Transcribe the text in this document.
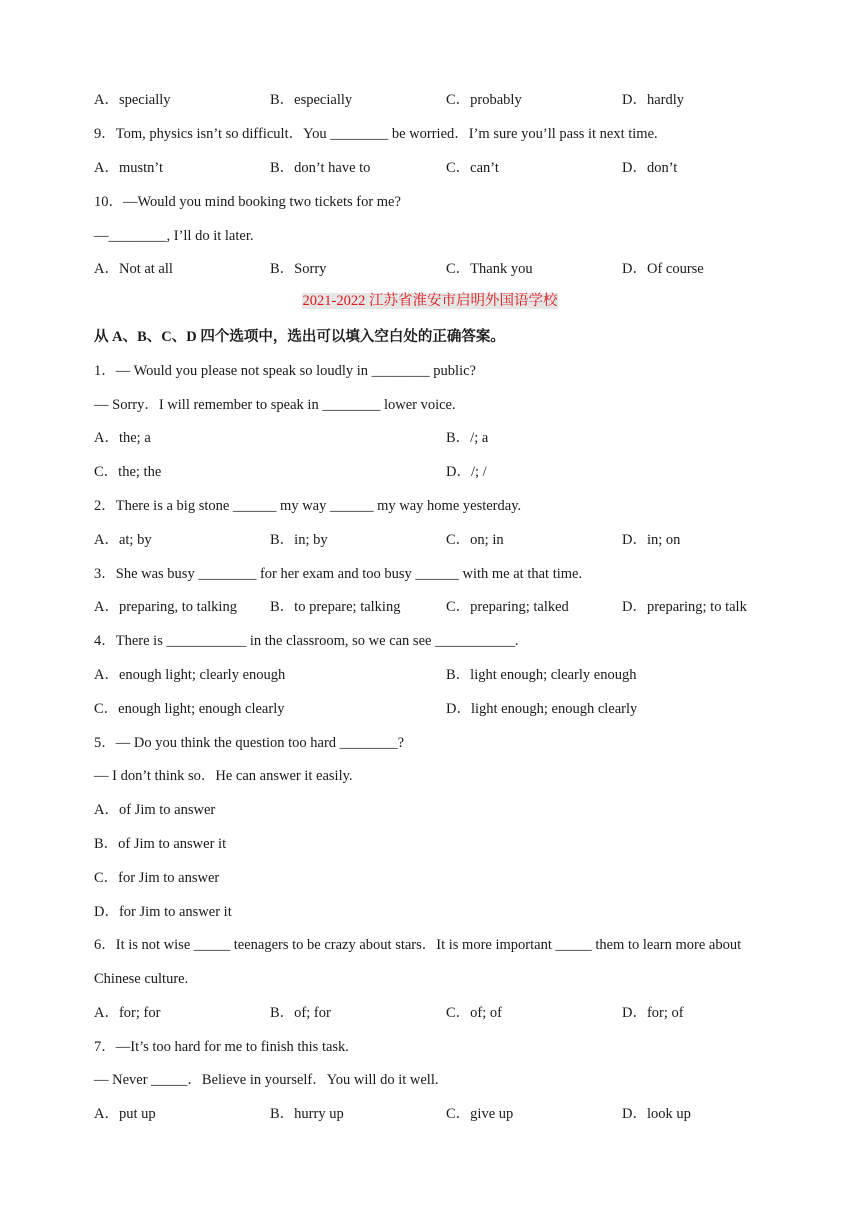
A．specially	B．especially	C．probably	D．hardly
9．Tom, physics isn’t so difficult．You ________ be worried．I’m sure you’ll pass it next time.
A．mustn’t	B．don’t have to	C．can’t	D．don’t
10．—Would you mind booking two tickets for me?
—________, I’ll do it later.
A．Not at all	B．Sorry	C．Thank you	D．Of course
2021-2022 江苏省淮安市启明外国语学校
从 A、B、C、D 四个选项中，选出可以填入空白处的正确答案。
1．— Would you please not speak so loudly in ________ public?
— Sorry．I will remember to speak in ________ lower voice.
A．the; a	B．/; a
C．the; the	D．/; /
2．There is a big stone ______ my way ______ my way home yesterday.
A．at; by	B．in; by	C．on; in	D．in; on
3．She was busy ________ for her exam and too busy ______ with me at that time.
A．preparing, to talking B．to prepare; talking	C．preparing; talked	D．preparing; to talk
4．There is ___________ in the classroom, so we can see ___________.
A．enough light; clearly enough	B．light enough; clearly enough
C．enough light; enough clearly	D．light enough; enough clearly
5．— Do you think the question too hard ________?
— I don’t think so．He can answer it easily.
A．of Jim to answer
B．of Jim to answer it
C．for Jim to answer
D．for Jim to answer it
6．It is not wise _____ teenagers to be crazy about stars．It is more important _____ them to learn more about
Chinese culture.
A．for; for	B．of; for	C．of; of	D．for; of
7．—It’s too hard for me to finish this task.
— Never _____．Believe in yourself．You will do it well.
A．put up	B．hurry up	C．give up	D．look up
